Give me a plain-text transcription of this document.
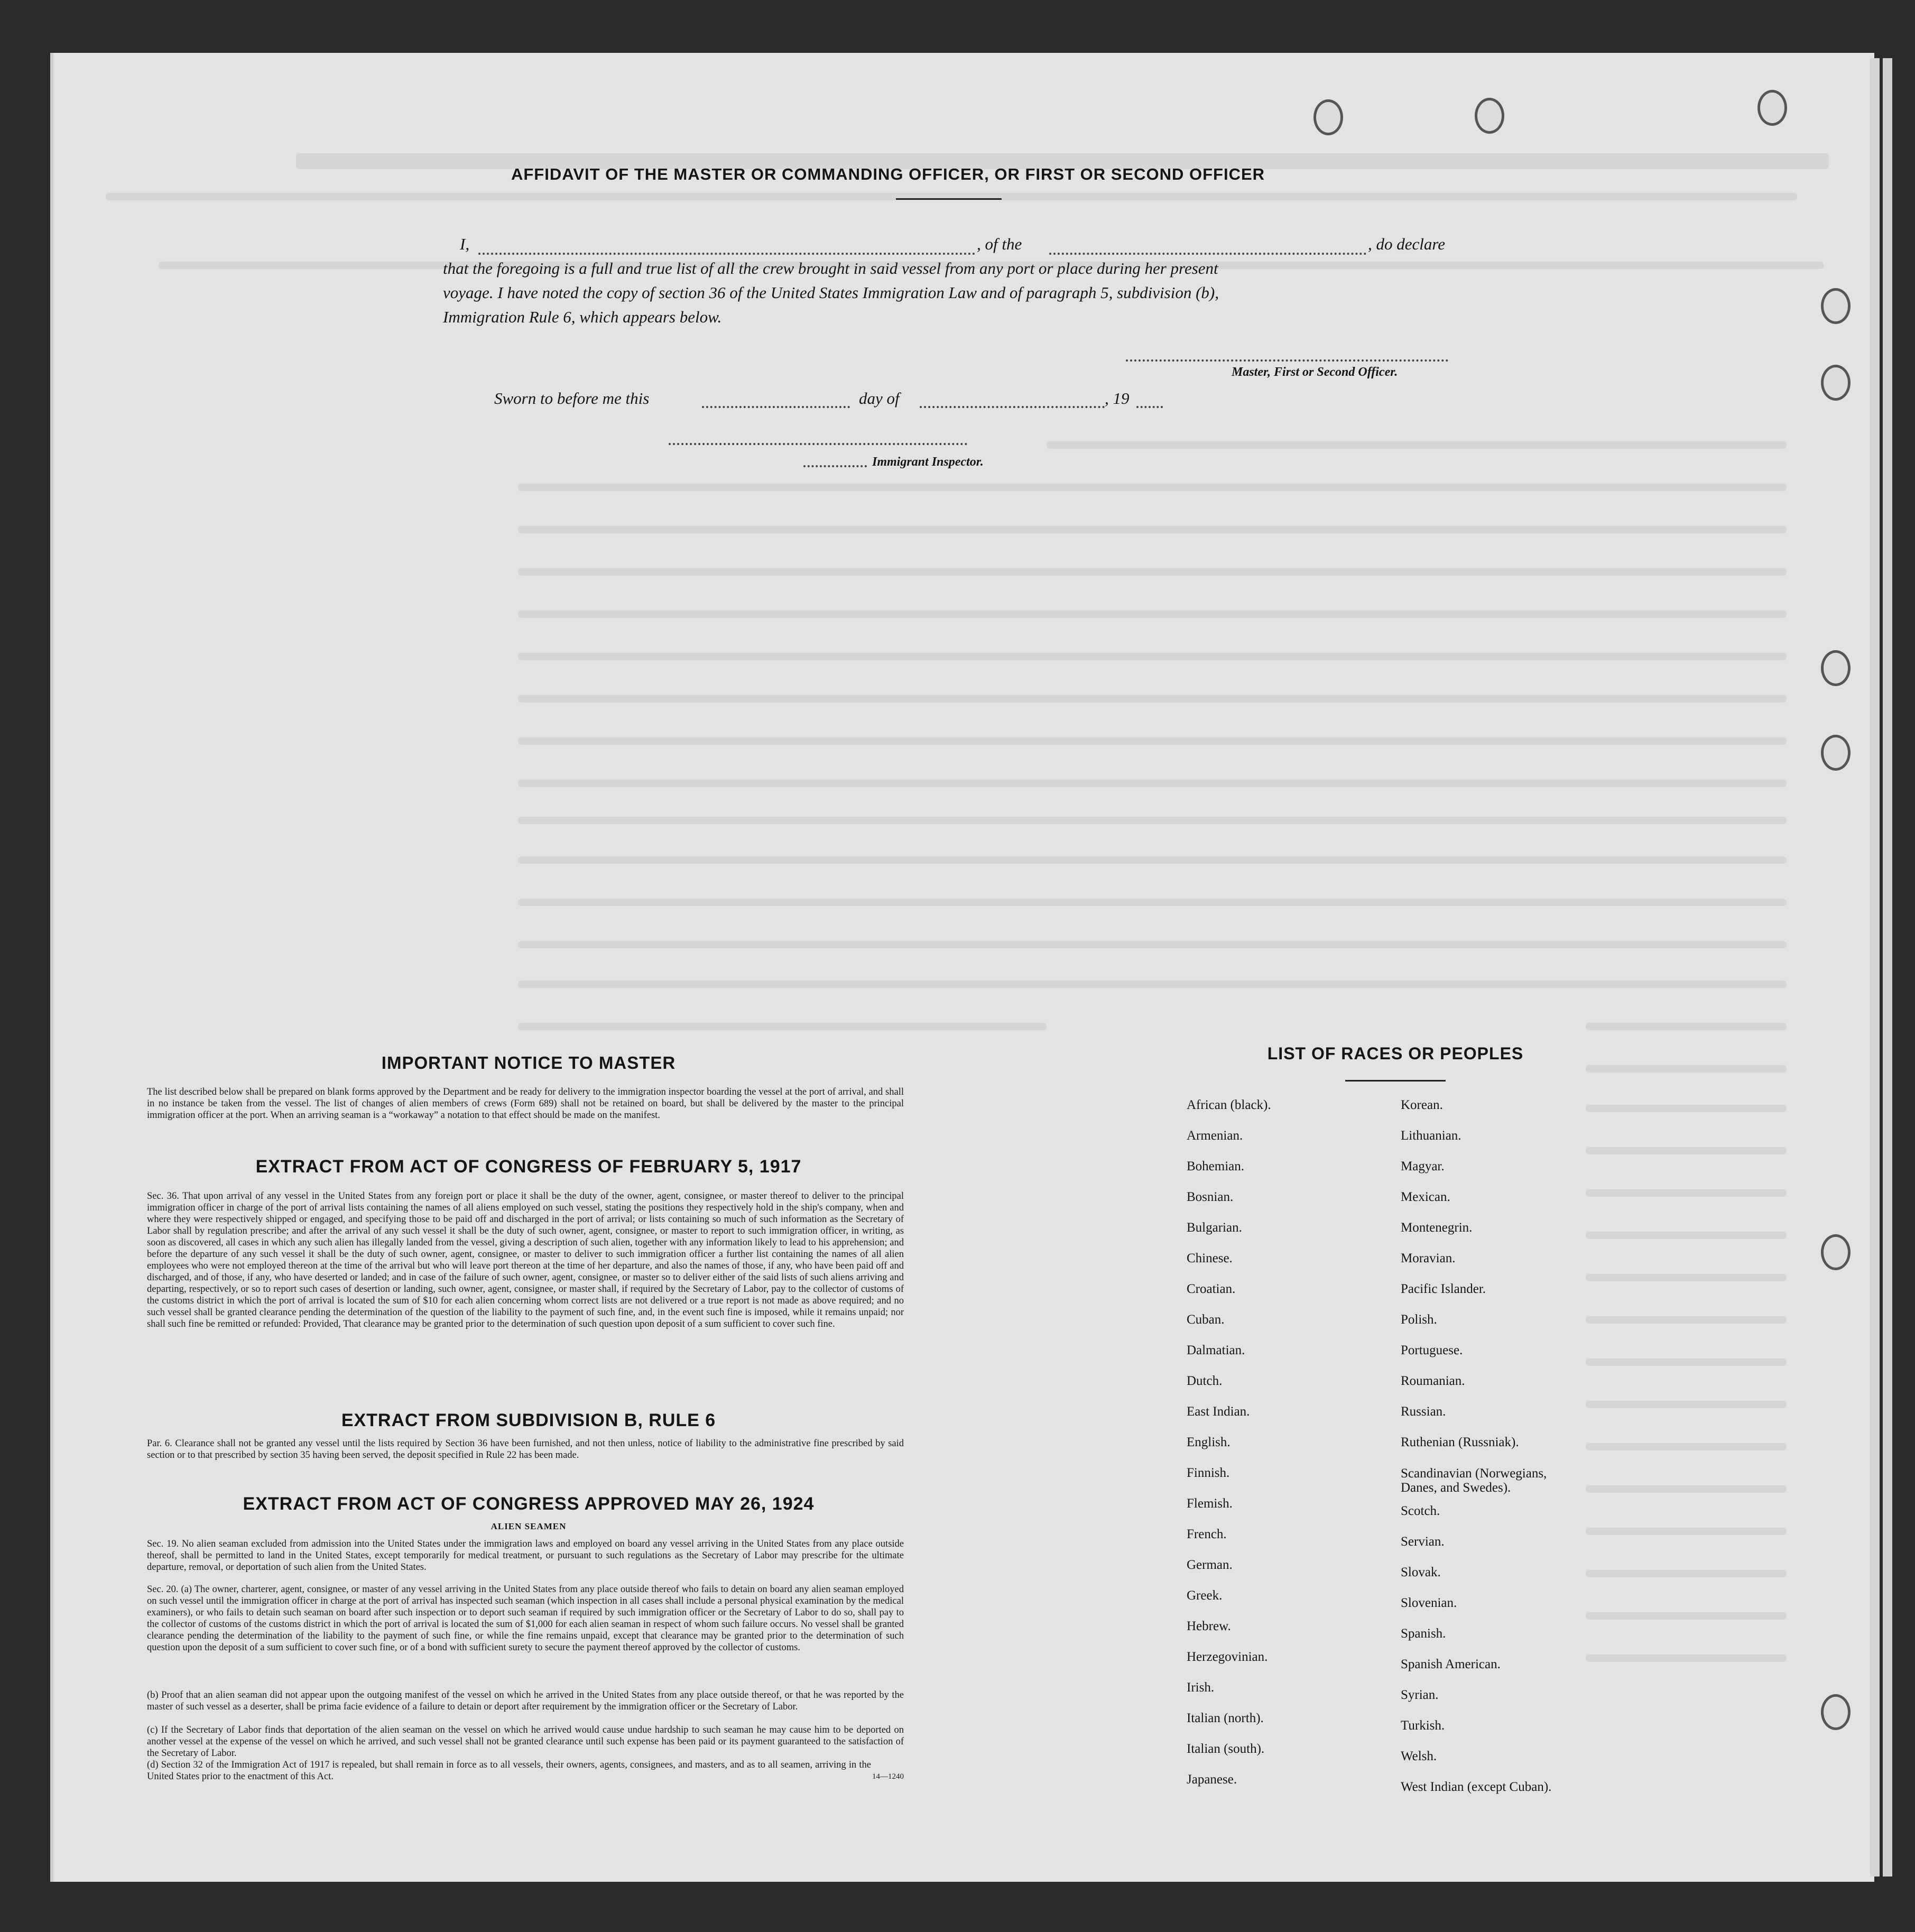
AFFIDAVIT OF THE MASTER OR COMMANDING OFFICER, OR FIRST OR SECOND OFFICER
I,	, of the	, do declare
that the foregoing is a full and true list of all the crew brought in said vessel from any port or place during her present
voyage. I have noted the copy of section 36 of the United States Immigration Law and of paragraph 5, subdivision (b),
Immigration Rule 6, which appears below.
Master, First or Second Officer.
Sworn to before me this	day of	, 19
Immigrant Inspector.
IMPORTANT NOTICE TO MASTER
The list described below shall be prepared on blank forms approved by the Department and be ready for delivery to the immigration inspector boarding the vessel at the port of arrival, and shall in no instance be taken from the vessel. The list of changes of alien members of crews (Form 689) shall not be retained on board, but shall be delivered by the master to the principal immigration officer at the port. When an arriving seaman is a “workaway” a notation to that effect should be made on the manifest.
EXTRACT FROM ACT OF CONGRESS OF FEBRUARY 5, 1917
Sec. 36. That upon arrival of any vessel in the United States from any foreign port or place it shall be the duty of the owner, agent, consignee, or master thereof to deliver to the principal immigration officer in charge of the port of arrival lists containing the names of all aliens employed on such vessel, stating the positions they respectively hold in the ship's company, when and where they were respectively shipped or engaged, and specifying those to be paid off and discharged in the port of arrival; or lists containing so much of such information as the Secretary of Labor shall by regulation prescribe; and after the arrival of any such vessel it shall be the duty of such owner, agent, consignee, or master to report to such immigration officer, in writing, as soon as discovered, all cases in which any such alien has illegally landed from the vessel, giving a description of such alien, together with any information likely to lead to his apprehension; and before the departure of any such vessel it shall be the duty of such owner, agent, consignee, or master to deliver to such immigration officer a further list containing the names of all alien employees who were not employed thereon at the time of the arrival but who will leave port thereon at the time of her departure, and also the names of those, if any, who have been paid off and discharged, and of those, if any, who have deserted or landed; and in case of the failure of such owner, agent, consignee, or master so to deliver either of the said lists of such aliens arriving and departing, respectively, or so to report such cases of desertion or landing, such owner, agent, consignee, or master shall, if required by the Secretary of Labor, pay to the collector of customs of the customs district in which the port of arrival is located the sum of $10 for each alien concerning whom correct lists are not delivered or a true report is not made as above required; and no such vessel shall be granted clearance pending the determination of the question of the liability to the payment of such fine, and, in the event such fine is imposed, while it remains unpaid; nor shall such fine be remitted or refunded: Provided, That clearance may be granted prior to the determination of such question upon deposit of a sum sufficient to cover such fine.
EXTRACT FROM SUBDIVISION B, RULE 6
Par. 6. Clearance shall not be granted any vessel until the lists required by Section 36 have been furnished, and not then unless, notice of liability to the administrative fine prescribed by said section or to that prescribed by section 35 having been served, the deposit specified in Rule 22 has been made.
EXTRACT FROM ACT OF CONGRESS APPROVED MAY 26, 1924
ALIEN SEAMEN
Sec. 19. No alien seaman excluded from admission into the United States under the immigration laws and employed on board any vessel arriving in the United States from any place outside thereof, shall be permitted to land in the United States, except temporarily for medical treatment, or pursuant to such regulations as the Secretary of Labor may prescribe for the ultimate departure, removal, or deportation of such alien from the United States.
Sec. 20. (a) The owner, charterer, agent, consignee, or master of any vessel arriving in the United States from any place outside thereof who fails to detain on board any alien seaman employed on such vessel until the immigration officer in charge at the port of arrival has inspected such seaman (which inspection in all cases shall include a personal physical examination by the medical examiners), or who fails to detain such seaman on board after such inspection or to deport such seaman if required by such immigration officer or the Secretary of Labor to do so, shall pay to the collector of customs of the customs district in which the port of arrival is located the sum of $1,000 for each alien seaman in respect of whom such failure occurs. No vessel shall be granted clearance pending the determination of the liability to the payment of such fine, or while the fine remains unpaid, except that clearance may be granted prior to the determination of such question upon the deposit of a sum sufficient to cover such fine, or of a bond with sufficient surety to secure the payment thereof approved by the collector of customs.
(b) Proof that an alien seaman did not appear upon the outgoing manifest of the vessel on which he arrived in the United States from any place outside thereof, or that he was reported by the master of such vessel as a deserter, shall be prima facie evidence of a failure to detain or deport after requirement by the immigration officer or the Secretary of Labor.
(c) If the Secretary of Labor finds that deportation of the alien seaman on the vessel on which he arrived would cause undue hardship to such seaman he may cause him to be deported on another vessel at the expense of the vessel on which he arrived, and such vessel shall not be granted clearance until such expense has been paid or its payment guaranteed to the satisfaction of the Secretary of Labor.
(d) Section 32 of the Immigration Act of 1917 is repealed, but shall remain in force as to all vessels, their owners, agents, consignees, and masters, and as to all seamen, arriving in the United States prior to the enactment of this Act.	14—1240
LIST OF RACES OR PEOPLES
African (black).
Armenian.
Bohemian.
Bosnian.
Bulgarian.
Chinese.
Croatian.
Cuban.
Dalmatian.
Dutch.
East Indian.
English.
Finnish.
Flemish.
French.
German.
Greek.
Hebrew.
Herzegovinian.
Irish.
Italian (north).
Italian (south).
Japanese.
Korean.
Lithuanian.
Magyar.
Mexican.
Montenegrin.
Moravian.
Pacific Islander.
Polish.
Portuguese.
Roumanian.
Russian.
Ruthenian (Russniak).
Scandinavian (Norwegians, Danes, and Swedes).
Scotch.
Servian.
Slovak.
Slovenian.
Spanish.
Spanish American.
Syrian.
Turkish.
Welsh.
West Indian (except Cuban).
